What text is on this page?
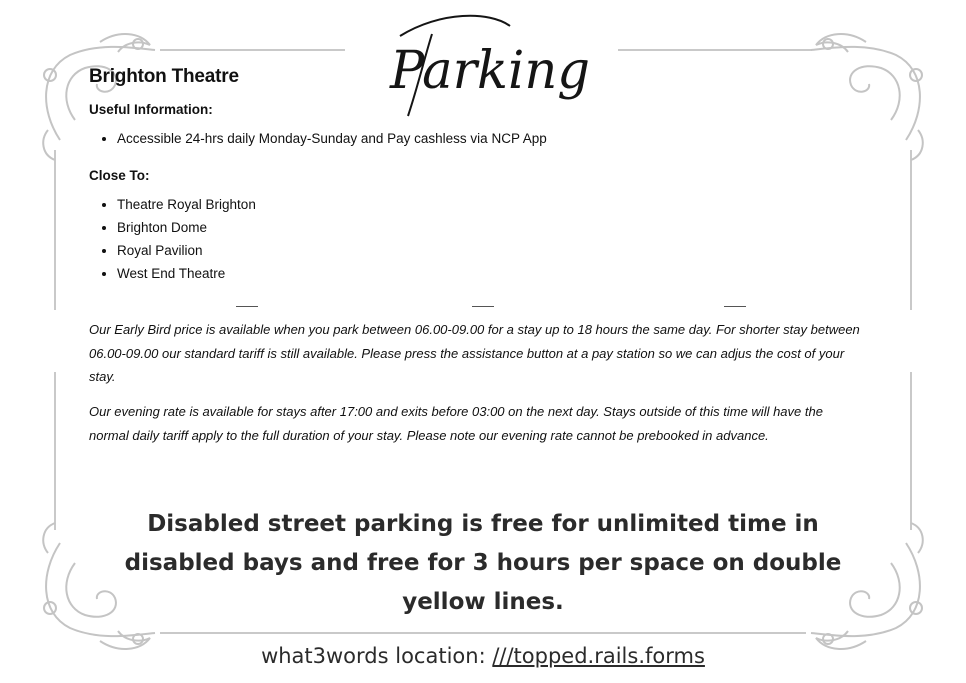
Parking
Brighton Theatre
Useful Information:
• Accessible 24-hrs daily Monday-Sunday and Pay cashless via NCP App
Close To:
• Theatre Royal Brighton
• Brighton Dome
• Royal Pavilion
• West End Theatre

Our Early Bird price is available when you park between 06.00-09.00 for a stay up to 18 hours the same day. For shorter stay between 06.00-09.00 our standard tariff is still available. Please press the assistance button at a pay station so we can adjus the cost of your stay.

Our evening rate is available for stays after 17:00 and exits before 03:00 on the next day. Stays outside of this time will have the normal daily tariff apply to the full duration of your stay. Please note our evening rate cannot be prebooked in advance.

Disabled street parking is free for unlimited time in disabled bays and free for 3 hours per space on double yellow lines.

what3words location: ///topped.rails.forms
